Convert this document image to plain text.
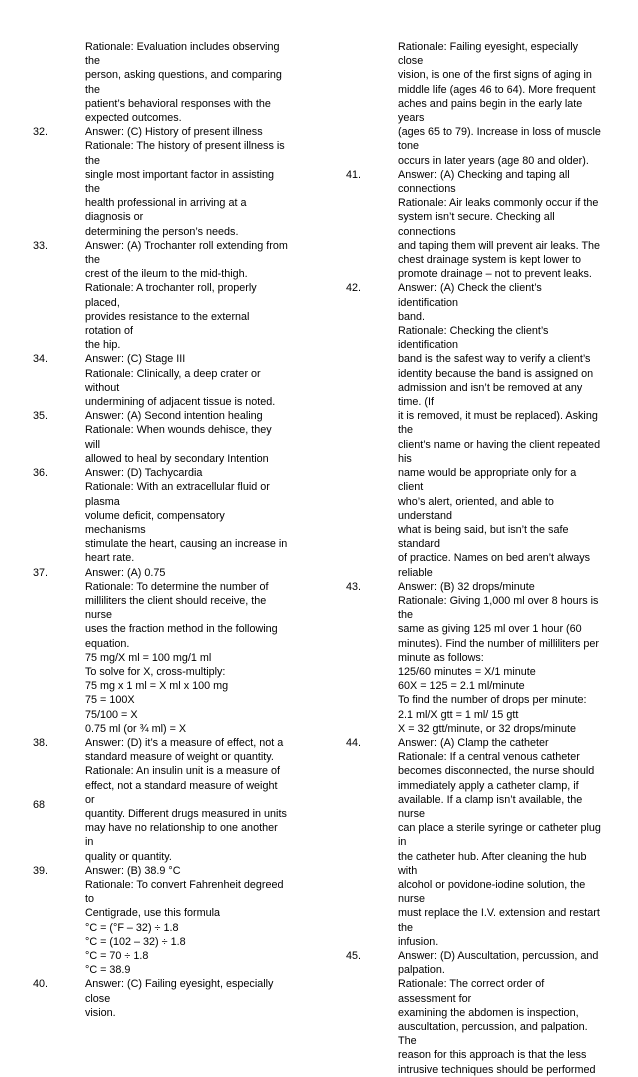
Rationale: Evaluation includes observing the
person, asking questions, and comparing the
patient’s behavioral responses with the
expected outcomes.
32.	Answer: (C) History of present illness
Rationale: The history of present illness is the
single most important factor in assisting the
health professional in arriving at a diagnosis or
determining the person’s needs.
33.	Answer: (A) Trochanter roll extending from the
crest of the ileum to the mid-thigh.
Rationale: A trochanter roll, properly placed,
provides resistance to the external rotation of
the hip.
34.	Answer: (C) Stage III
Rationale: Clinically, a deep crater or without
undermining of adjacent tissue is noted.
35.	Answer: (A) Second intention healing
Rationale: When wounds dehisce, they will
allowed to heal by secondary Intention
36.	Answer: (D) Tachycardia
Rationale: With an extracellular fluid or plasma
volume deficit, compensatory mechanisms
stimulate the heart, causing an increase in
heart rate.
37.	Answer: (A) 0.75
Rationale: To determine the number of
milliliters the client should receive, the nurse
uses the fraction method in the following
equation.
75 mg/X ml = 100 mg/1 ml
To solve for X, cross-multiply:
75 mg x 1 ml = X ml x 100 mg
75 = 100X
75/100 = X
0.75 ml (or ¾ ml) = X
38.	Answer: (D) it’s a measure of effect, not a
standard measure of weight or quantity.
Rationale: An insulin unit is a measure of
effect, not a standard measure of weight or
quantity. Different drugs measured in units
may have no relationship to one another in
quality or quantity.
39.	Answer: (B) 38.9 °C
Rationale: To convert Fahrenheit degreed to
Centigrade, use this formula
°C = (°F – 32) ÷ 1.8
°C = (102 – 32) ÷ 1.8
°C = 70 ÷ 1.8
°C = 38.9
40.	Answer: (C) Failing eyesight, especially close
vision.
Rationale: Failing eyesight, especially close
vision, is one of the first signs of aging in
middle life (ages 46 to 64). More frequent
aches and pains begin in the early late years
(ages 65 to 79). Increase in loss of muscle tone
occurs in later years (age 80 and older).
41.	Answer: (A) Checking and taping all
connections
Rationale: Air leaks commonly occur if the
system isn’t secure. Checking all connections
and taping them will prevent air leaks. The
chest drainage system is kept lower to
promote drainage – not to prevent leaks.
42.	Answer: (A) Check the client’s identification
band.
Rationale: Checking the client’s identification
band is the safest way to verify a client’s
identity because the band is assigned on
admission and isn’t be removed at any time. (If
it is removed, it must be replaced). Asking the
client’s name or having the client repeated his
name would be appropriate only for a client
who’s alert, oriented, and able to understand
what is being said, but isn’t the safe standard
of practice. Names on bed aren’t always
reliable
43.	Answer: (B) 32 drops/minute
Rationale: Giving 1,000 ml over 8 hours is the
same as giving 125 ml over 1 hour (60
minutes). Find the number of milliliters per
minute as follows:
125/60 minutes = X/1 minute
60X = 125 = 2.1 ml/minute
To find the number of drops per minute:
2.1 ml/X gtt = 1 ml/ 15 gtt
X = 32 gtt/minute, or 32 drops/minute
44.	Answer: (A) Clamp the catheter
Rationale: If a central venous catheter
becomes disconnected, the nurse should
immediately apply a catheter clamp, if
available. If a clamp isn’t available, the nurse
can place a sterile syringe or catheter plug in
the catheter hub. After cleaning the hub with
alcohol or povidone-iodine solution, the nurse
must replace the I.V. extension and restart the
infusion.
45.	Answer: (D) Auscultation, percussion, and
palpation.
Rationale: The correct order of assessment for
examining the abdomen is inspection,
auscultation, percussion, and palpation. The
reason for this approach is that the less
intrusive techniques should be performed
68
